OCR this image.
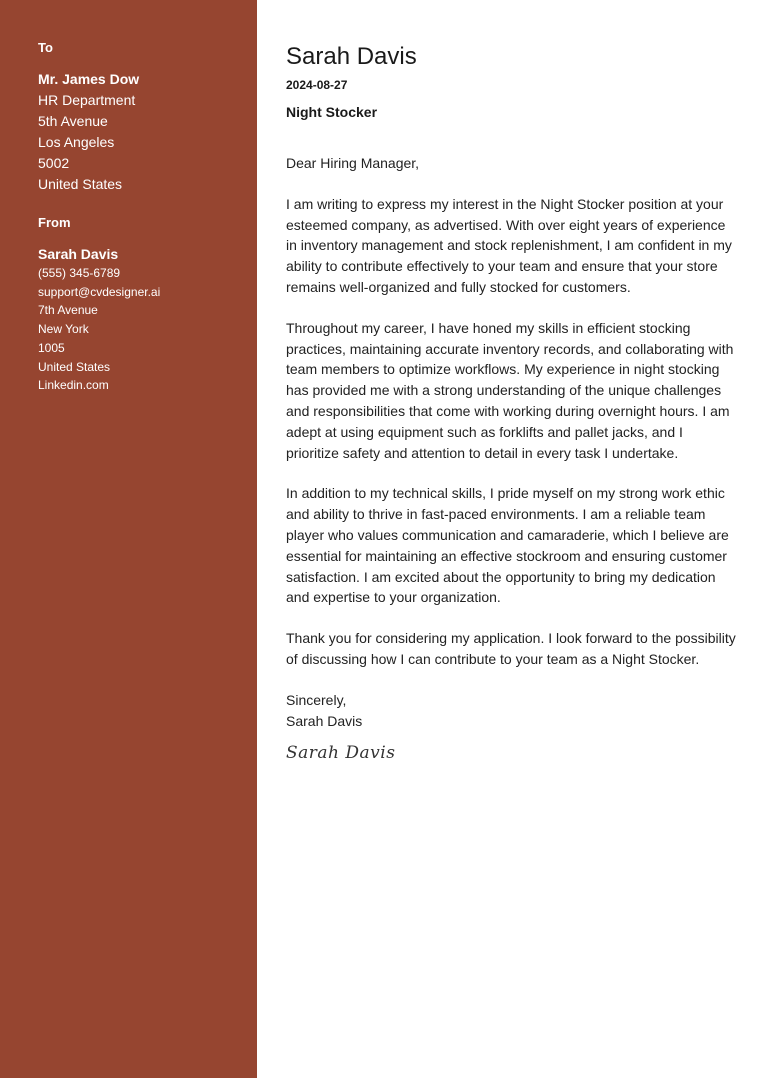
To
Mr. James Dow
HR Department
5th Avenue
Los Angeles
5002
United States
From
Sarah Davis
(555) 345-6789
support@cvdesigner.ai
7th Avenue
New York
1005
United States
Linkedin.com
Sarah Davis
2024-08-27
Night Stocker
Dear Hiring Manager,

I am writing to express my interest in the Night Stocker position at your esteemed company, as advertised. With over eight years of experience in inventory management and stock replenishment, I am confident in my ability to contribute effectively to your team and ensure that your store remains well-organized and fully stocked for customers.

Throughout my career, I have honed my skills in efficient stocking practices, maintaining accurate inventory records, and collaborating with team members to optimize workflows. My experience in night stocking has provided me with a strong understanding of the unique challenges and responsibilities that come with working during overnight hours. I am adept at using equipment such as forklifts and pallet jacks, and I prioritize safety and attention to detail in every task I undertake.

In addition to my technical skills, I pride myself on my strong work ethic and ability to thrive in fast-paced environments. I am a reliable team player who values communication and camaraderie, which I believe are essential for maintaining an effective stockroom and ensuring customer satisfaction. I am excited about the opportunity to bring my dedication and expertise to your organization.

Thank you for considering my application. I look forward to the possibility of discussing how I can contribute to your team as a Night Stocker.

Sincerely,
Sarah Davis
Sarah Davis
